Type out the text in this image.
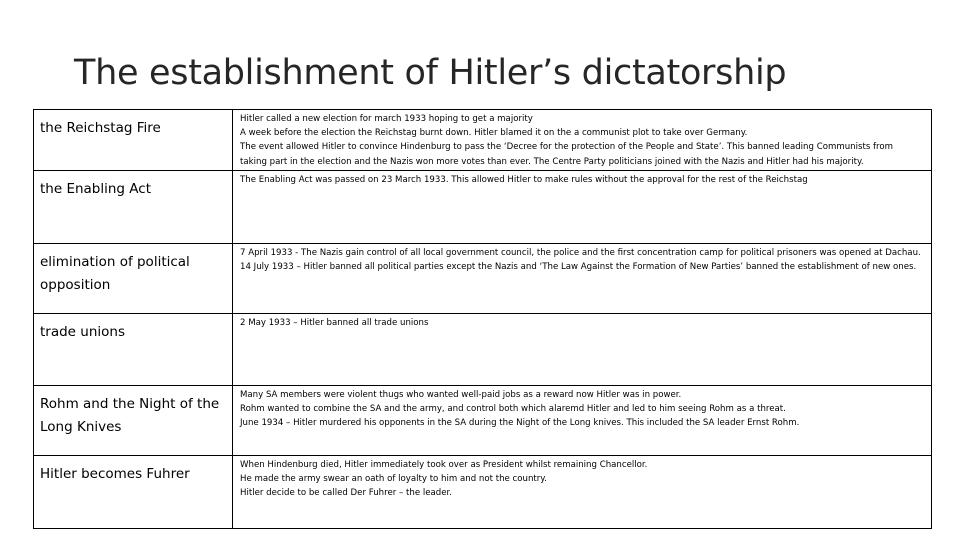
The establishment of Hitler’s dictatorship
the Reichstag Fire	Hitler called a new election for march 1933 hoping to get a majority
A week before the election the Reichstag burnt down. Hitler blamed it on the a communist plot to take over Germany.
The event allowed Hitler to convince Hindenburg to pass the ‘Decree for the protection of the People and State’. This banned leading Communists from
taking part in the election and the Nazis won more votes than ever. The Centre Party politicians joined with the Nazis and Hitler had his majority.

the Enabling Act	The Enabling Act was passed on 23 March 1933. This allowed Hitler to make rules without the approval for the rest of the Reichstag

elimination of political opposition	7 April 1933 - The Nazis gain control of all local government council, the police and the first concentration camp for political prisoners was opened at Dachau.
14 July 1933 – Hitler banned all political parties except the Nazis and ‘The Law Against the Formation of New Parties’ banned the establishment of new ones.

trade unions	2 May 1933 – Hitler banned all trade unions

Rohm and the Night of the Long Knives	Many SA members were violent thugs who wanted well-paid jobs as a reward now Hitler was in power.
Rohm wanted to combine the SA and the army, and control both which alaremd Hitler and led to him seeing Rohm as a threat.
June 1934 – Hitler murdered his opponents in the SA during the Night of the Long knives. This included the SA leader Ernst Rohm.

Hitler becomes Fuhrer	When Hindenburg died, Hitler immediately took over as President whilst remaining Chancellor.
He made the army swear an oath of loyalty to him and not the country.
Hitler decide to be called Der Fuhrer – the leader.
